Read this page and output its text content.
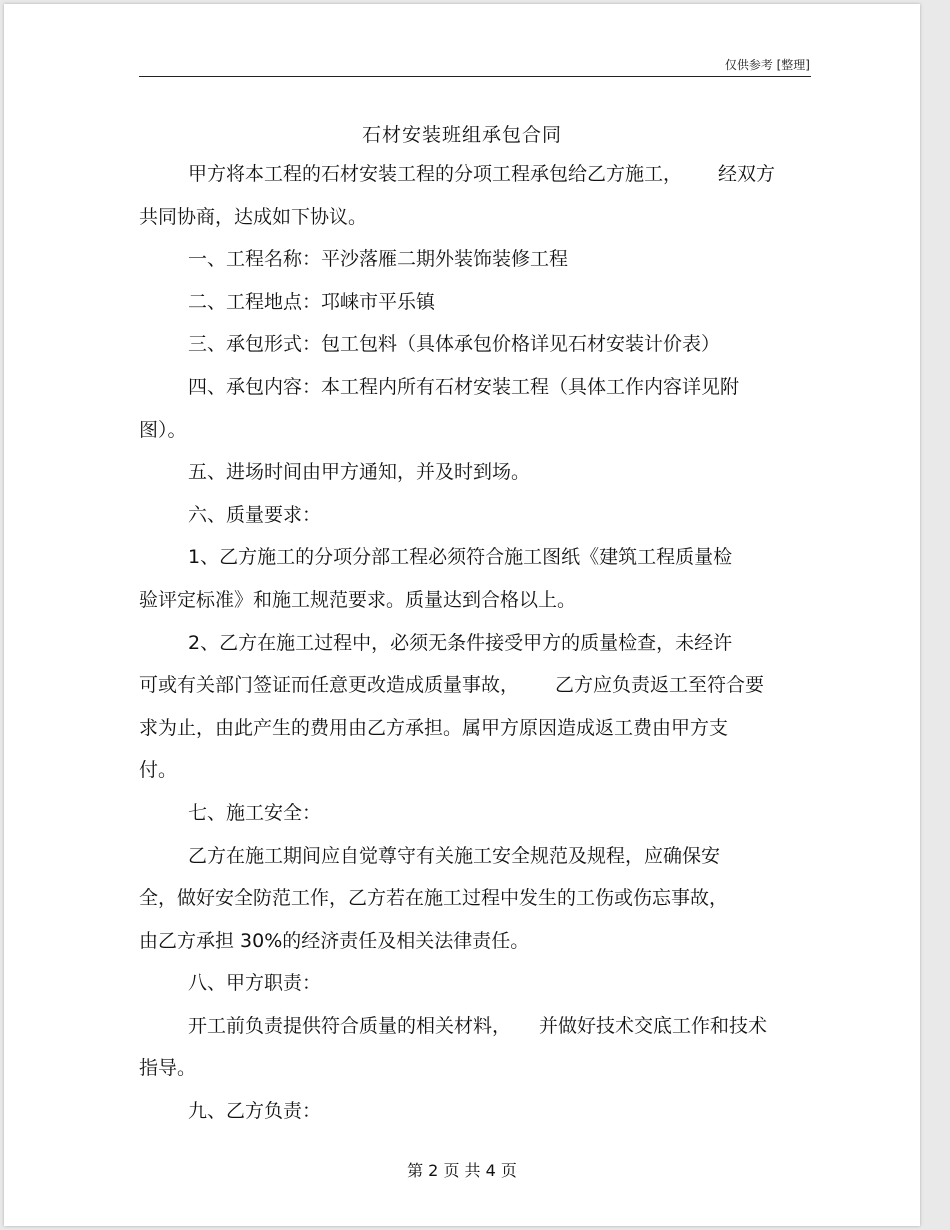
仅供参考 [整理]
石材安装班组承包合同
甲方将本工程的石材安装工程的分项工程承包给乙方施工， 经双方
共同协商，达成如下协议。
一、工程名称：平沙落雁二期外装饰装修工程
二、工程地点：邛崃市平乐镇
三、承包形式：包工包料（具体承包价格详见石材安装计价表）
四、承包内容：本工程内所有石材安装工程（具体工作内容详见附
图）。
五、进场时间由甲方通知，并及时到场。
六、质量要求：
1、乙方施工的分项分部工程必须符合施工图纸《建筑工程质量检
验评定标准》和施工规范要求。质量达到合格以上。
2、乙方在施工过程中，必须无条件接受甲方的质量检查，未经许
可或有关部门签证而任意更改造成质量事故， 乙方应负责返工至符合要
求为止，由此产生的费用由乙方承担。属甲方原因造成返工费由甲方支
付。
七、施工安全：
乙方在施工期间应自觉尊守有关施工安全规范及规程，应确保安
全，做好安全防范工作，乙方若在施工过程中发生的工伤或伤忘事故，
由乙方承担 30%的经济责任及相关法律责任。
八、甲方职责：
开工前负责提供符合质量的相关材料， 并做好技术交底工作和技术
指导。
九、乙方负责：
第 2 页 共 4 页
